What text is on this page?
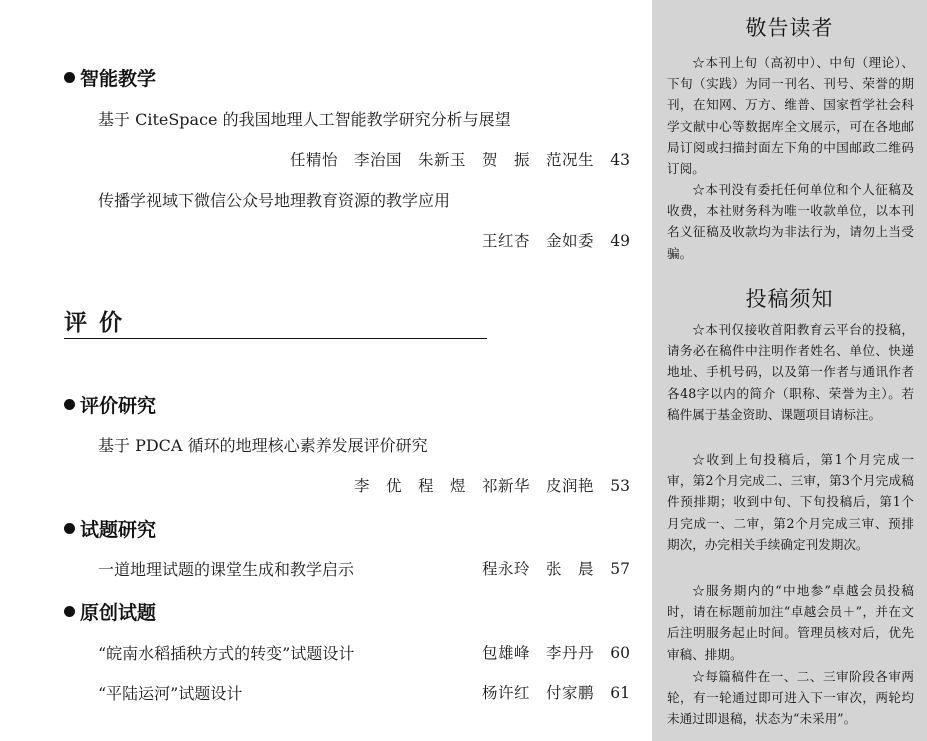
智能教学
基于 CiteSpace 的我国地理人工智能教学研究分析与展望
任精怡　李治国　朱新玉　贺　振　范况生 43
传播学视域下微信公众号地理教育资源的教学应用
王红杏　金如委 49
评 价
评价研究
基于 PDCA 循环的地理核心素养发展评价研究
李　优　程　煜　祁新华　皮润艳 53
试题研究
一道地理试题的课堂生成和教学启示	程永玲　张　晨 57
原创试题
“皖南水稻插秧方式的转变”试题设计	包雄峰　李丹丹 60
“平陆运河”试题设计	杨许红　付家鹏 61
敬告读者

☆本刊上旬（高初中）、中旬（理论）、下旬（实践）为同一刊名、刊号、荣誉的期刊，在知网、万方、维普、国家哲学社会科学文献中心等数据库全文展示，可在各地邮局订阅或扫描封面左下角的中国邮政二维码订阅。

☆本刊没有委托任何单位和个人征稿及收费，本社财务科为唯一收款单位，以本刊名义征稿及收款均为非法行为，请勿上当受骗。

投稿须知

☆本刊仅接收首阳教育云平台的投稿，请务必在稿件中注明作者姓名、单位、快递地址、手机号码，以及第一作者与通讯作者各48字以内的简介（职称、荣誉为主）。若稿件属于基金资助、课题项目请标注。

☆收到上旬投稿后，第1个月完成一审，第2个月完成二、三审，第3个月完成稿件预排期；收到中旬、下旬投稿后，第1个月完成一、二审，第2个月完成三审、预排期次，办完相关手续确定刊发期次。

☆服务期内的“中地参”卓越会员投稿时，请在标题前加注“卓越会员＋”，并在文后注明服务起止时间。管理员核对后，优先审稿、排期。

☆每篇稿件在一、二、三审阶段各审两轮，有一轮通过即可进入下一审次，两轮均未通过即退稿，状态为“未采用”。
